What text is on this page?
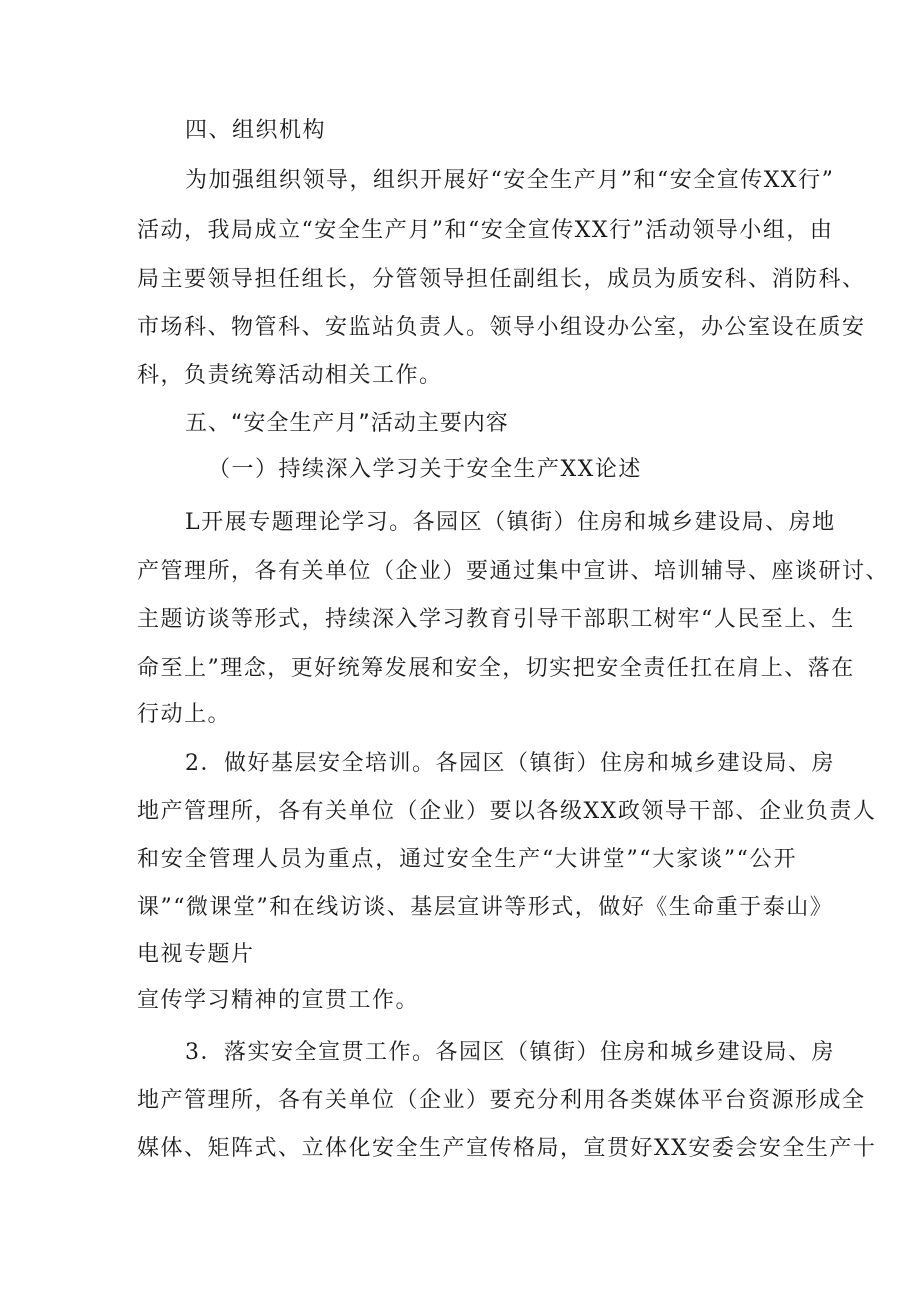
四、组织机构
为加强组织领导，组织开展好“安全生产月”和“安全宣传XX行”
活动，我局成立“安全生产月”和“安全宣传XX行”活动领导小组，由
局主要领导担任组长，分管领导担任副组长，成员为质安科、消防科、
市场科、物管科、安监站负责人。领导小组设办公室，办公室设在质安
科，负责统筹活动相关工作。
五、“安全生产月”活动主要内容
（一）持续深入学习关于安全生产XX论述
L开展专题理论学习。各园区（镇街）住房和城乡建设局、房地
产管理所，各有关单位（企业）要通过集中宣讲、培训辅导、座谈研讨、
主题访谈等形式，持续深入学习教育引导干部职工树牢“人民至上、生
命至上”理念，更好统筹发展和安全，切实把安全责任扛在肩上、落在
行动上。
2．做好基层安全培训。各园区（镇街）住房和城乡建设局、房
地产管理所，各有关单位（企业）要以各级XX政领导干部、企业负责人
和安全管理人员为重点，通过安全生产“大讲堂”“大家谈”“公开
课”“微课堂”和在线访谈、基层宣讲等形式，做好《生命重于泰山》
电视专题片
宣传学习精神的宣贯工作。
3．落实安全宣贯工作。各园区（镇街）住房和城乡建设局、房
地产管理所，各有关单位（企业）要充分利用各类媒体平台资源形成全
媒体、矩阵式、立体化安全生产宣传格局，宣贯好XX安委会安全生产十
